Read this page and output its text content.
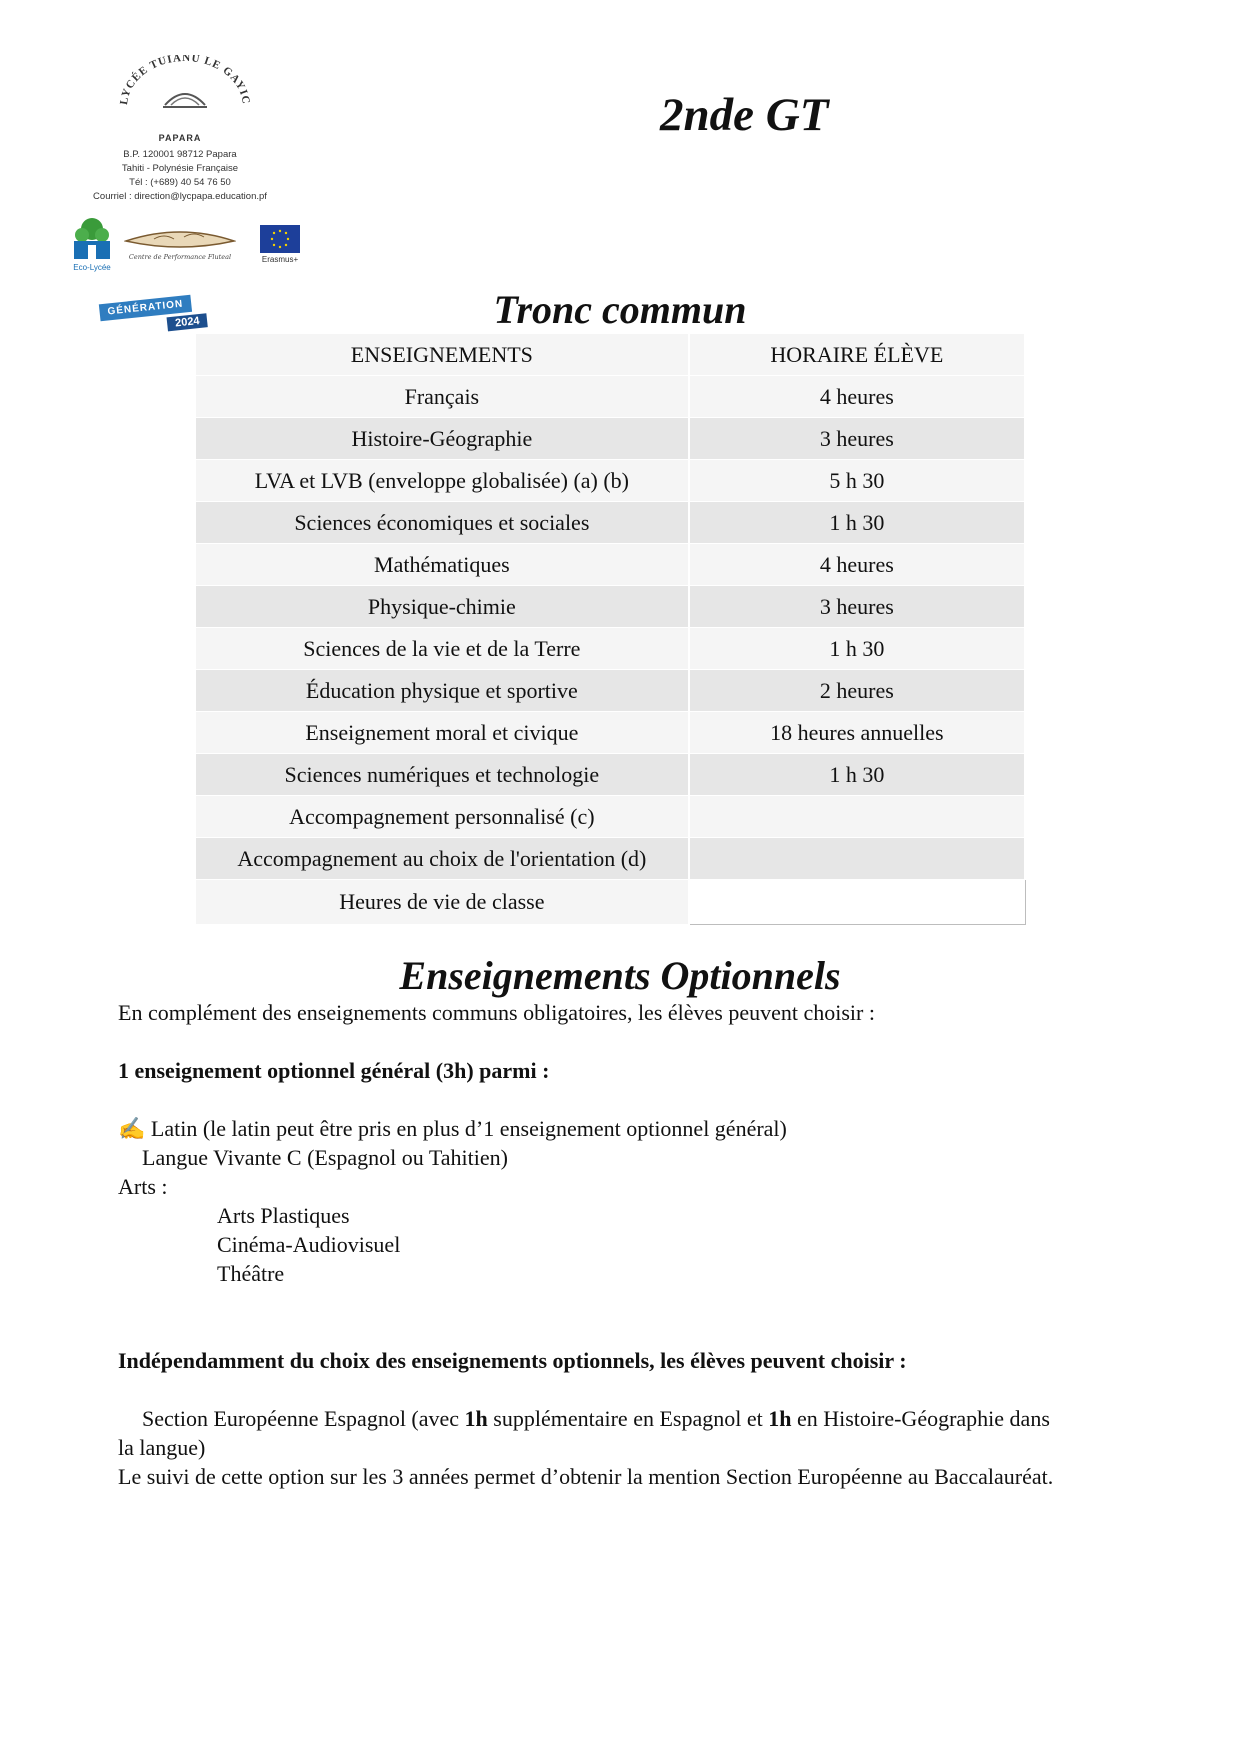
LYCÉE TUIANU LE GAYIC
PAPARA
B.P. 120001 98712 Papara
Tahiti - Polynésie Française
Tél : (+689) 40 54 76 50
Courriel : direction@lycpapa.education.pf
Eco-Lycée
Centre de Performance Fluteal	Erasmus+
GÉNÉRATION
2024
2nde GT
Tronc commun
ENSEIGNEMENTS	HORAIRE ÉLÈVE
Français	4 heures
Histoire-Géographie	3 heures
LVA et LVB (enveloppe globalisée) (a) (b)	5 h 30
Sciences économiques et sociales	1 h 30
Mathématiques	4 heures
Physique-chimie	3 heures
Sciences de la vie et de la Terre	1 h 30
Éducation physique et sportive	2 heures
Enseignement moral et civique	18 heures annuelles
Sciences numériques et technologie	1 h 30
Accompagnement personnalisé (c)	
Accompagnement au choix de l'orientation (d)	
Heures de vie de classe	
Enseignements Optionnels

En complément des enseignements communs obligatoires, les élèves peuvent choisir :

1 enseignement optionnel général (3h) parmi :

✍ Latin (le latin peut être pris en plus d’1 enseignement optionnel général)

Langue Vivante C (Espagnol ou Tahitien)

Arts :

Arts Plastiques

Cinéma-Audiovisuel

Théâtre

Indépendamment du choix des enseignements optionnels, les élèves peuvent choisir :

Section Européenne Espagnol (avec 1h supplémentaire en Espagnol et 1h en Histoire-Géographie dans la langue)

Le suivi de cette option sur les 3 années permet d’obtenir la mention Section Européenne au Baccalauréat.
